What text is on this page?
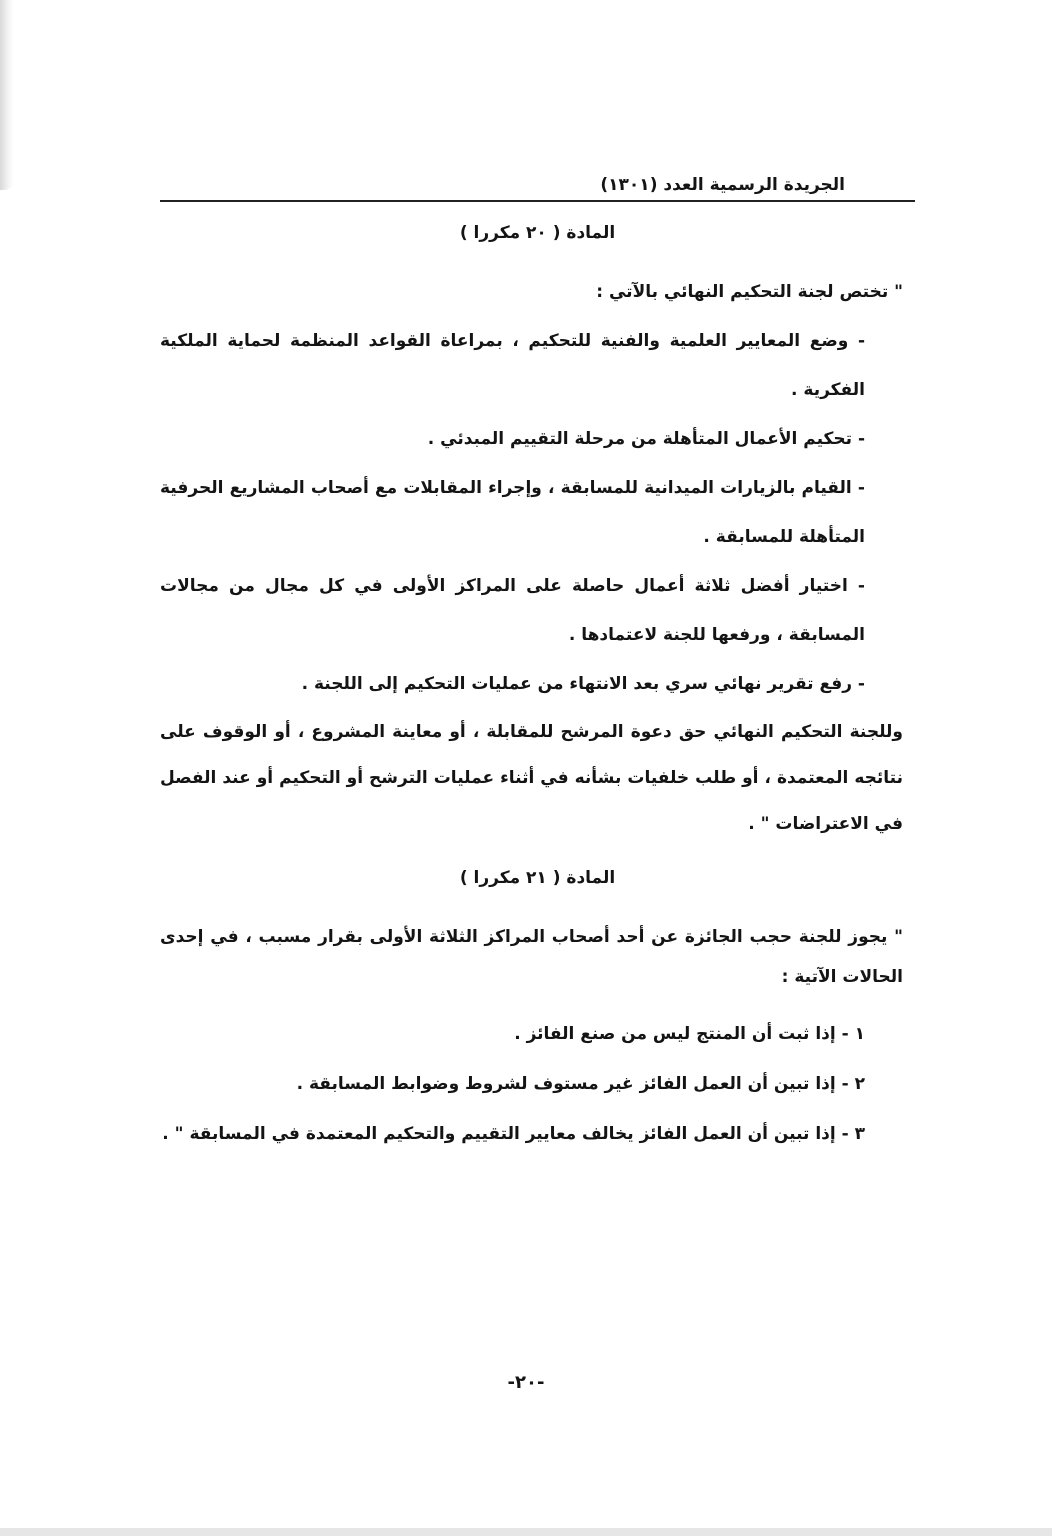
الجريدة الرسمية العدد (١٣٠١)
المادة ( ٢٠ مكررا )

" تختص لجنة التحكيم النهائي بالآتي :

- وضع المعايير العلمية والفنية للتحكيم ، بمراعاة القواعد المنظمة لحماية الملكية الفكرية .

- تحكيم الأعمال المتأهلة من مرحلة التقييم المبدئي .

- القيام بالزيارات الميدانية للمسابقة ، وإجراء المقابلات مع أصحاب المشاريع الحرفية المتأهلة للمسابقة .

- اختيار أفضل ثلاثة أعمال حاصلة على المراكز الأولى في كل مجال من مجالات المسابقة ، ورفعها للجنة لاعتمادها .

- رفع تقرير نهائي سري بعد الانتهاء من عمليات التحكيم إلى اللجنة .

وللجنة التحكيم النهائي حق دعوة المرشح للمقابلة ، أو معاينة المشروع ، أو الوقوف على نتائجه المعتمدة ، أو طلب خلفيات بشأنه في أثناء عمليات الترشح أو التحكيم أو عند الفصل في الاعتراضات " .

المادة ( ٢١ مكررا )

" يجوز للجنة حجب الجائزة عن أحد أصحاب المراكز الثلاثة الأولى بقرار مسبب ، في إحدى الحالات الآتية :

١ - إذا ثبت أن المنتج ليس من صنع الفائز .

٢ - إذا تبين أن العمل الفائز غير مستوف لشروط وضوابط المسابقة .

٣ - إذا تبين أن العمل الفائز يخالف معايير التقييم والتحكيم المعتمدة في المسابقة " .

-٢٠-
